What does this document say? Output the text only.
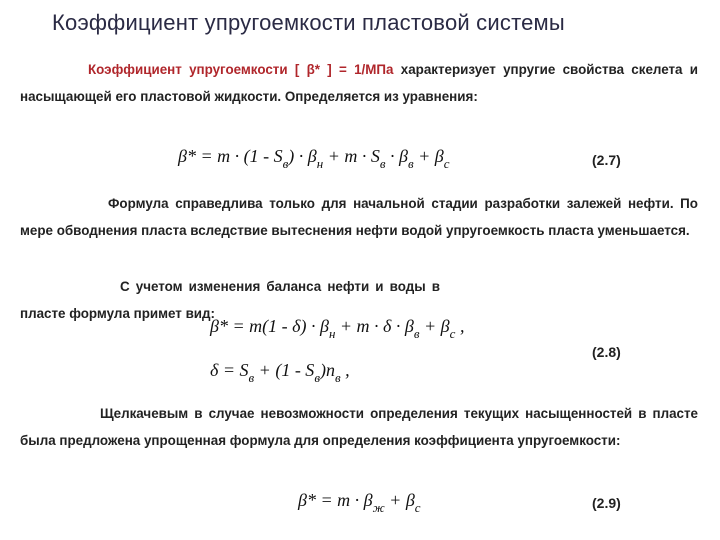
Коэффициент упругоемкости пластовой системы
Коэффициент упругоемкости [ β* ] = 1/МПа характеризует упругие свойства скелета и насыщающей его пластовой жидкости. Определяется из уравнения:
$\beta* = m \cdot (1 - S_в) \cdot \beta_н + m \cdot S_в \cdot \beta_в + \beta_с$	(2.7)
Формула справедлива только для начальной стадии разработки залежей нефти. По мере обводнения пласта вследствие вытеснения нефти водой упругоемкость пласта уменьшается.
С учетом изменения баланса нефти и воды в пласте формула примет вид:
$\beta* = m(1 - \delta) \cdot \beta_н + m \cdot \delta \cdot \beta_в + \beta_с$ ,
$\delta = S_в + (1 - S_в)n_в$ ,
(2.8)
Щелкачевым в случае невозможности определения текущих насыщенностей в пласте была предложена упрощенная формула для определения коэффициента упругоемкости:
$\beta* = m \cdot \beta_ж + \beta_с$	(2.9)
